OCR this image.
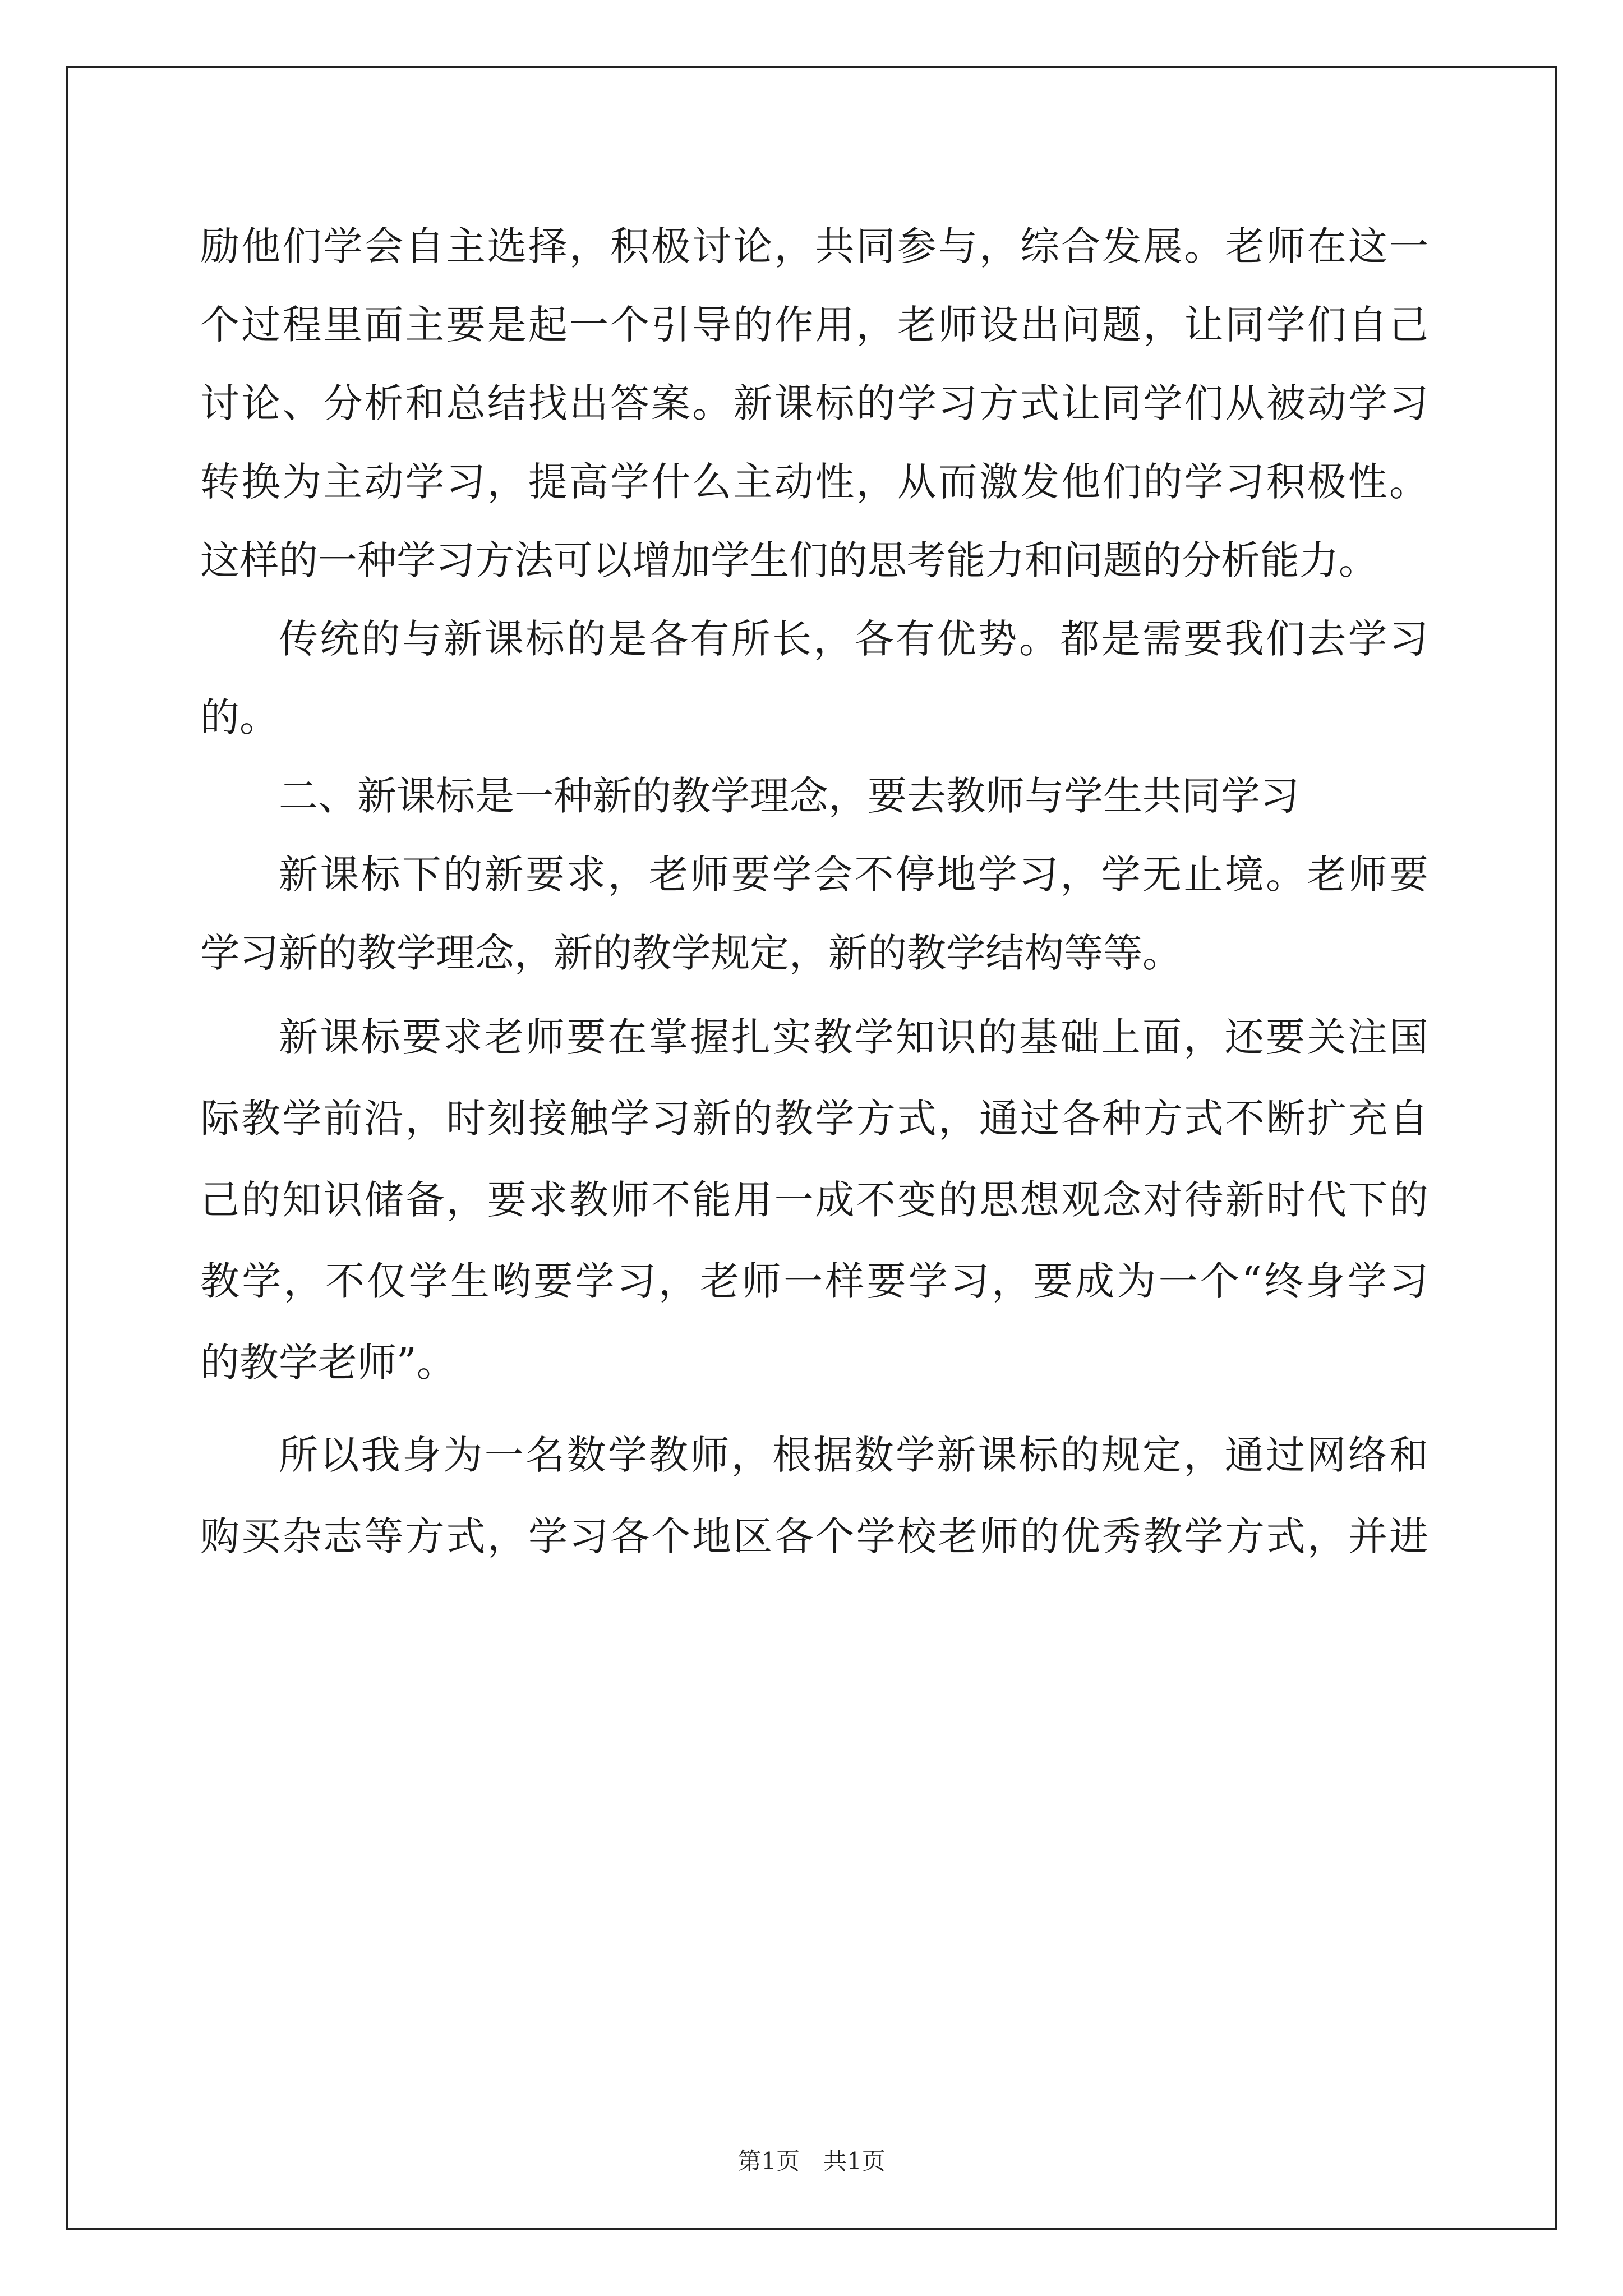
励他们学会自主选择，积极讨论，共同参与，综合发展。老师在这一
个过程里面主要是起一个引导的作用，老师设出问题，让同学们自己
讨论、分析和总结找出答案。新课标的学习方式让同学们从被动学习
转换为主动学习，提高学什么主动性，从而激发他们的学习积极性。
这样的一种学习方法可以增加学生们的思考能力和问题的分析能力。
传统的与新课标的是各有所长，各有优势。都是需要我们去学习
的。
二、新课标是一种新的教学理念，要去教师与学生共同学习
新课标下的新要求，老师要学会不停地学习，学无止境。老师要
学习新的教学理念，新的教学规定，新的教学结构等等。
新课标要求老师要在掌握扎实教学知识的基础上面，还要关注国
际教学前沿，时刻接触学习新的教学方式，通过各种方式不断扩充自
己的知识储备，要求教师不能用一成不变的思想观念对待新时代下的
教学，不仅学生哟要学习，老师一样要学习，要成为一个“终身学习
的教学老师”。
所以我身为一名数学教师，根据数学新课标的规定，通过网络和
购买杂志等方式，学习各个地区各个学校老师的优秀教学方式，并进
第1页　共1页
